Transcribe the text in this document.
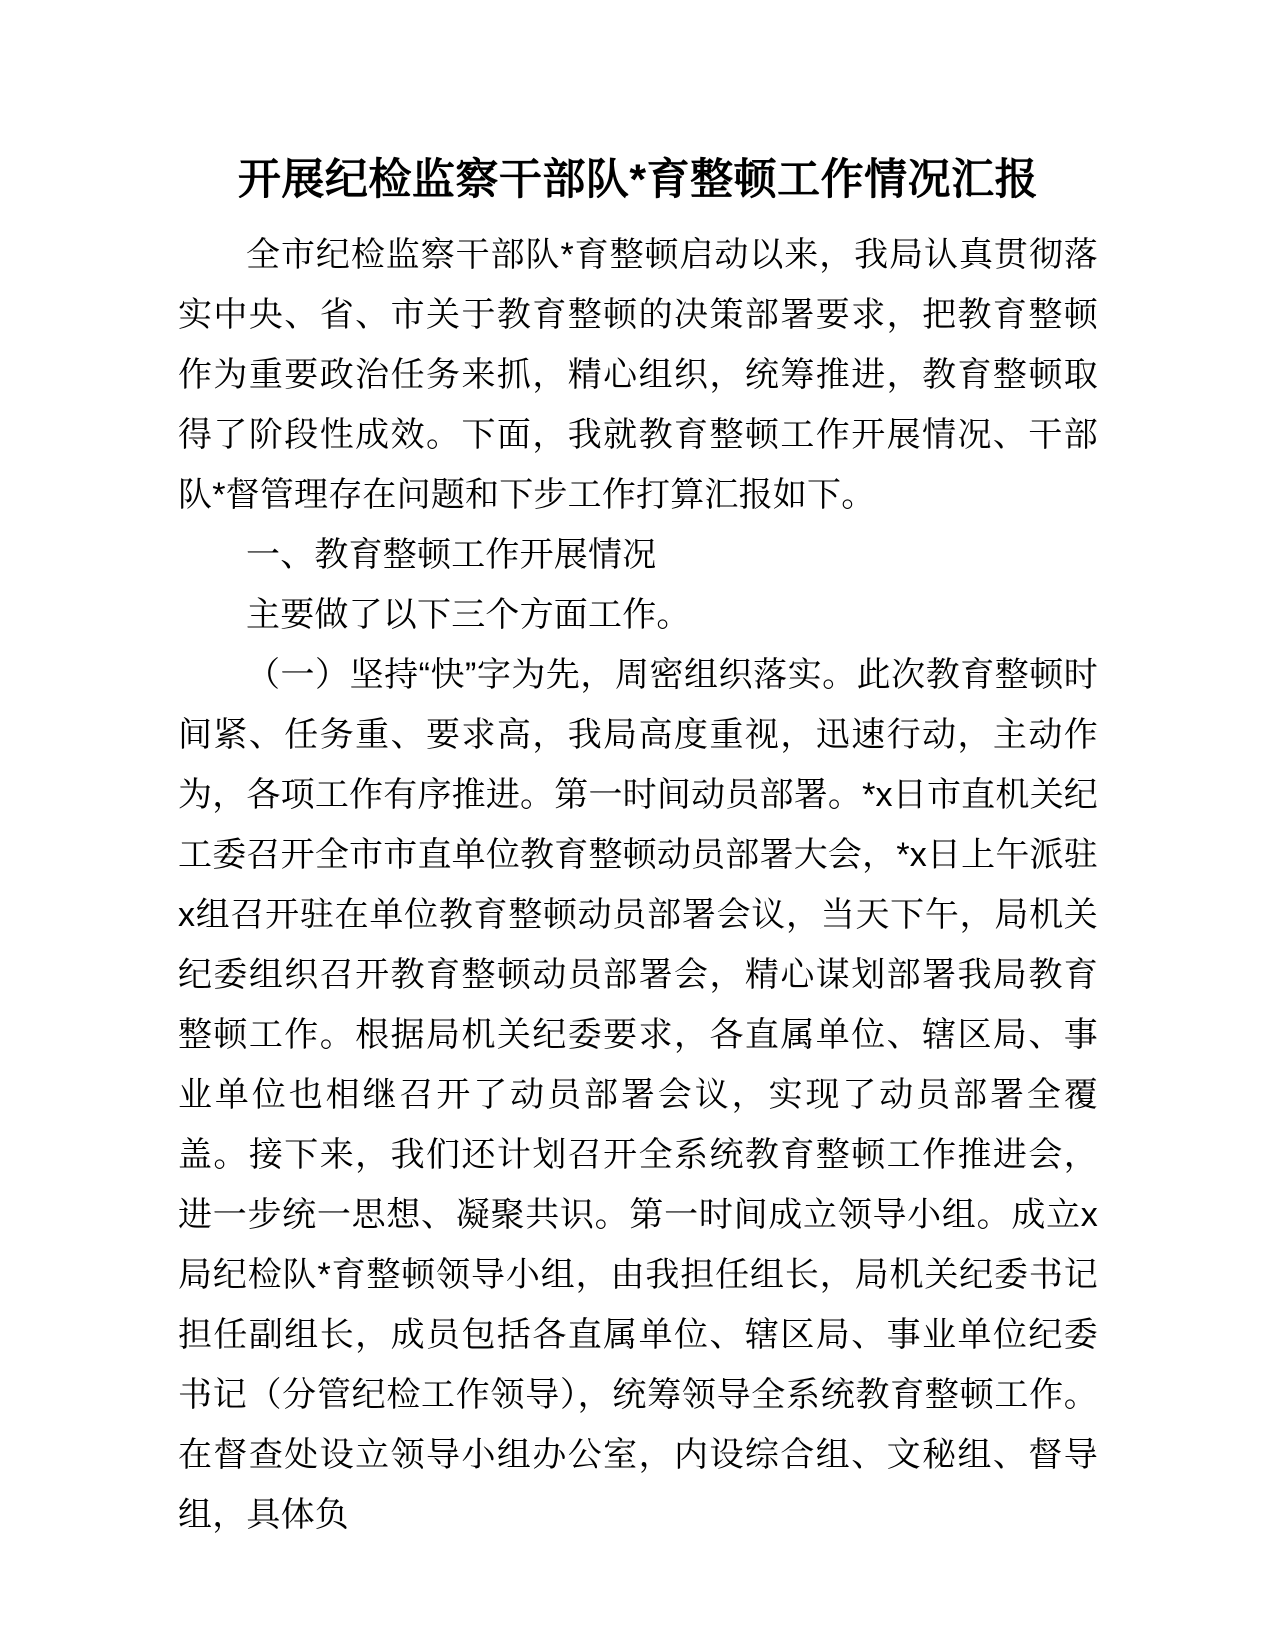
开展纪检监察干部队*育整顿工作情况汇报

全市纪检监察干部队*育整顿启动以来，我局认真贯彻落实中央、省、市关于教育整顿的决策部署要求，把教育整顿作为重要政治任务来抓，精心组织，统筹推进，教育整顿取得了阶段性成效。下面，我就教育整顿工作开展情况、干部队*督管理存在问题和下步工作打算汇报如下。

一、教育整顿工作开展情况

主要做了以下三个方面工作。

（一）坚持“快”字为先，周密组织落实。此次教育整顿时间紧、任务重、要求高，我局高度重视，迅速行动，主动作为，各项工作有序推进。第一时间动员部署。*x日市直机关纪工委召开全市市直单位教育整顿动员部署大会，*x日上午派驻x组召开驻在单位教育整顿动员部署会议，当天下午，局机关纪委组织召开教育整顿动员部署会，精心谋划部署我局教育整顿工作。根据局机关纪委要求，各直属单位、辖区局、事业单位也相继召开了动员部署会议，实现了动员部署全覆盖。接下来，我们还计划召开全系统教育整顿工作推进会，进一步统一思想、凝聚共识。第一时间成立领导小组。成立x局纪检队*育整顿领导小组，由我担任组长，局机关纪委书记担任副组长，成员包括各直属单位、辖区局、事业单位纪委书记（分管纪检工作领导），统筹领导全系统教育整顿工作。在督查处设立领导小组办公室，内设综合组、文秘组、督导组，具体负
